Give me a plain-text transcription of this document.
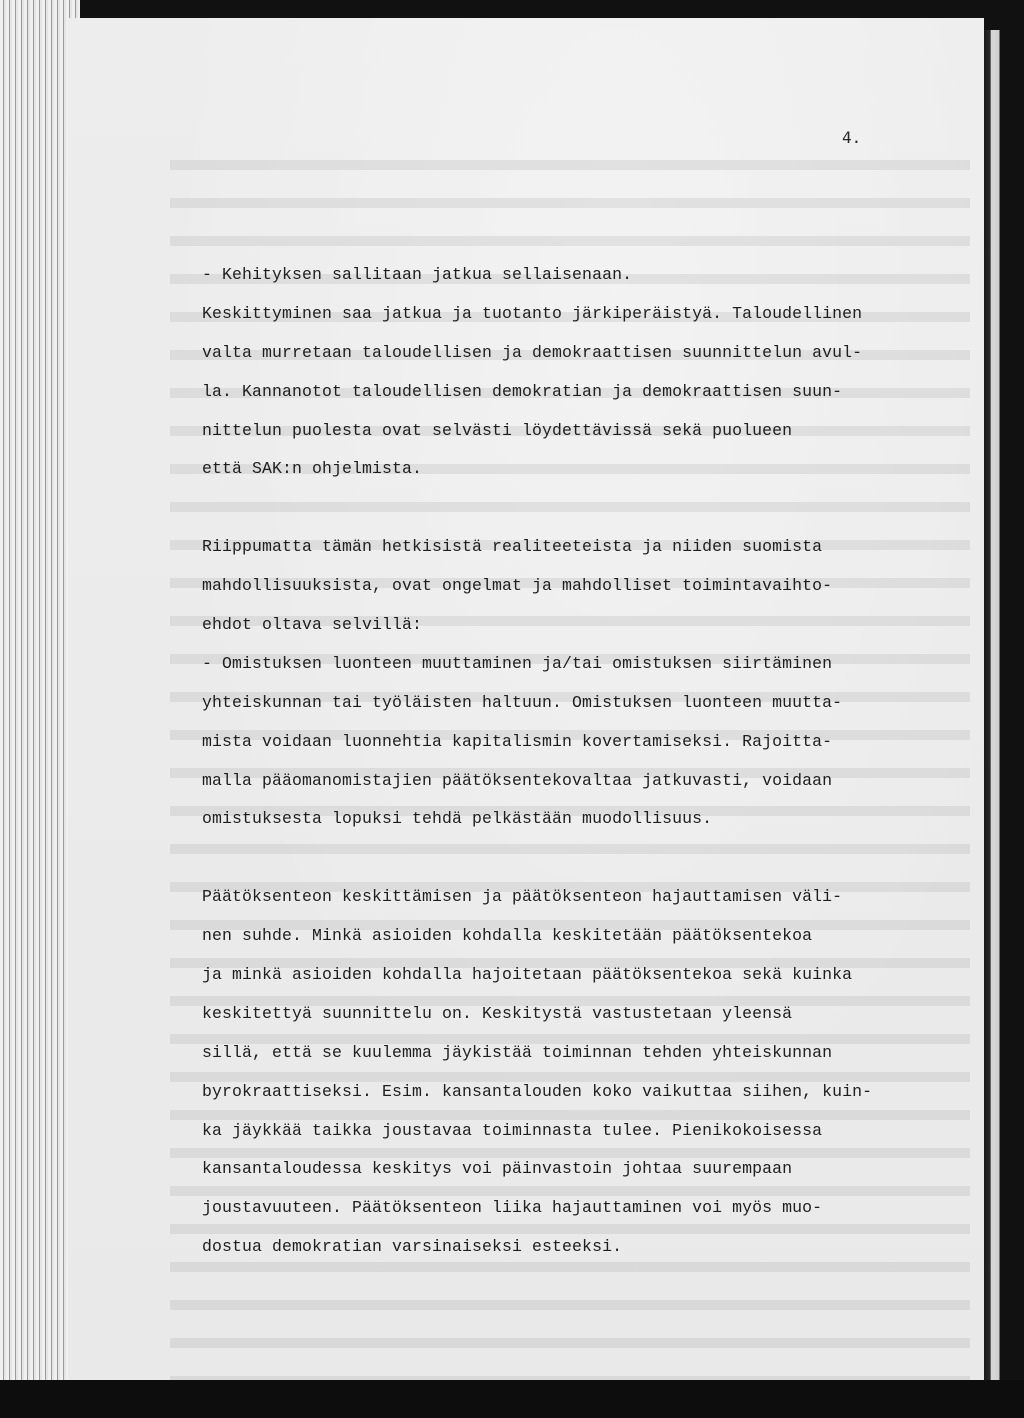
4.
- Kehityksen sallitaan jatkua sellaisenaan.
Keskittyminen saa jatkua ja tuotanto järkiperäistyä. Taloudellinen
valta murretaan taloudellisen ja demokraattisen suunnittelun avul-
la. Kannanotot taloudellisen demokratian ja demokraattisen suun-
nittelun puolesta ovat selvästi löydettävissä sekä puolueen
että SAK:n ohjelmista.
Riippumatta tämän hetkisistä realiteeteista ja niiden suomista
mahdollisuuksista, ovat ongelmat ja mahdolliset toimintavaihto-
ehdot oltava selvillä:
- Omistuksen luonteen muuttaminen ja/tai omistuksen siirtäminen
yhteiskunnan tai työläisten haltuun. Omistuksen luonteen muutta-
mista voidaan luonnehtia kapitalismin kovertamiseksi. Rajoitta-
malla pääomanomistajien päätöksentekovaltaa jatkuvasti, voidaan
omistuksesta lopuksi tehdä pelkästään muodollisuus.
Päätöksenteon keskittämisen ja päätöksenteon hajauttamisen väli-
nen suhde. Minkä asioiden kohdalla keskitetään päätöksentekoa
ja minkä asioiden kohdalla hajoitetaan päätöksentekoa sekä kuinka
keskitettyä suunnittelu on. Keskitystä vastustetaan yleensä
sillä, että se kuulemma jäykistää toiminnan tehden yhteiskunnan
byrokraattiseksi. Esim. kansantalouden koko vaikuttaa siihen, kuin-
ka jäykkää taikka joustavaa toiminnasta tulee. Pienikokoisessa
kansantaloudessa keskitys voi päinvastoin johtaa suurempaan
joustavuuteen. Päätöksenteon liika hajauttaminen voi myös muo-
dostua demokratian varsinaiseksi esteeksi.
